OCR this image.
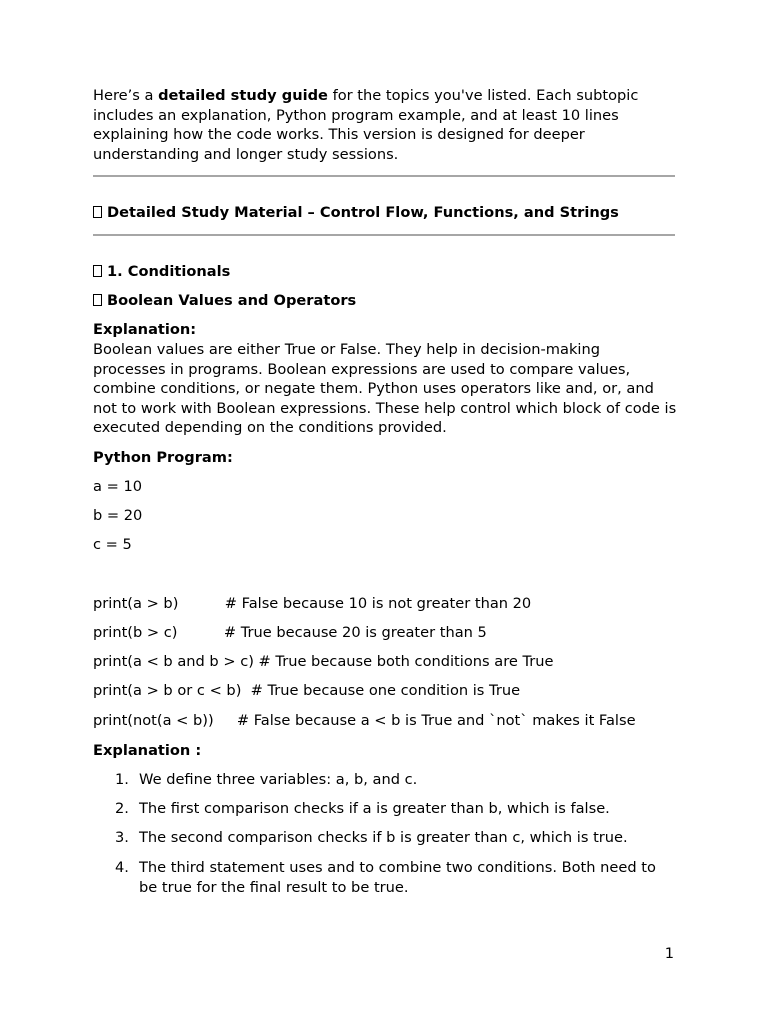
Here’s a detailed study guide for the topics you've listed. Each subtopic includes an explanation, Python program example, and at least 10 lines explaining how the code works. This version is designed for deeper understanding and longer study sessions.
Detailed Study Material – Control Flow, Functions, and Strings
1. Conditionals
Boolean Values and Operators
Explanation:
Boolean values are either True or False. They help in decision-making processes in programs. Boolean expressions are used to compare values, combine conditions, or negate them. Python uses operators like and, or, and not to work with Boolean expressions. These help control which block of code is executed depending on the conditions provided.
Python Program:
a = 10
b = 20
c = 5
print(a > b)          # False because 10 is not greater than 20
print(b > c)          # True because 20 is greater than 5
print(a < b and b > c) # True because both conditions are True
print(a > b or c < b)  # True because one condition is True
print(not(a < b))     # False because a < b is True and `not` makes it False
Explanation :
1. We define three variables: a, b, and c.
2. The first comparison checks if a is greater than b, which is false.
3. The second comparison checks if b is greater than c, which is true.
4. The third statement uses and to combine two conditions. Both need to be true for the final result to be true.
1
